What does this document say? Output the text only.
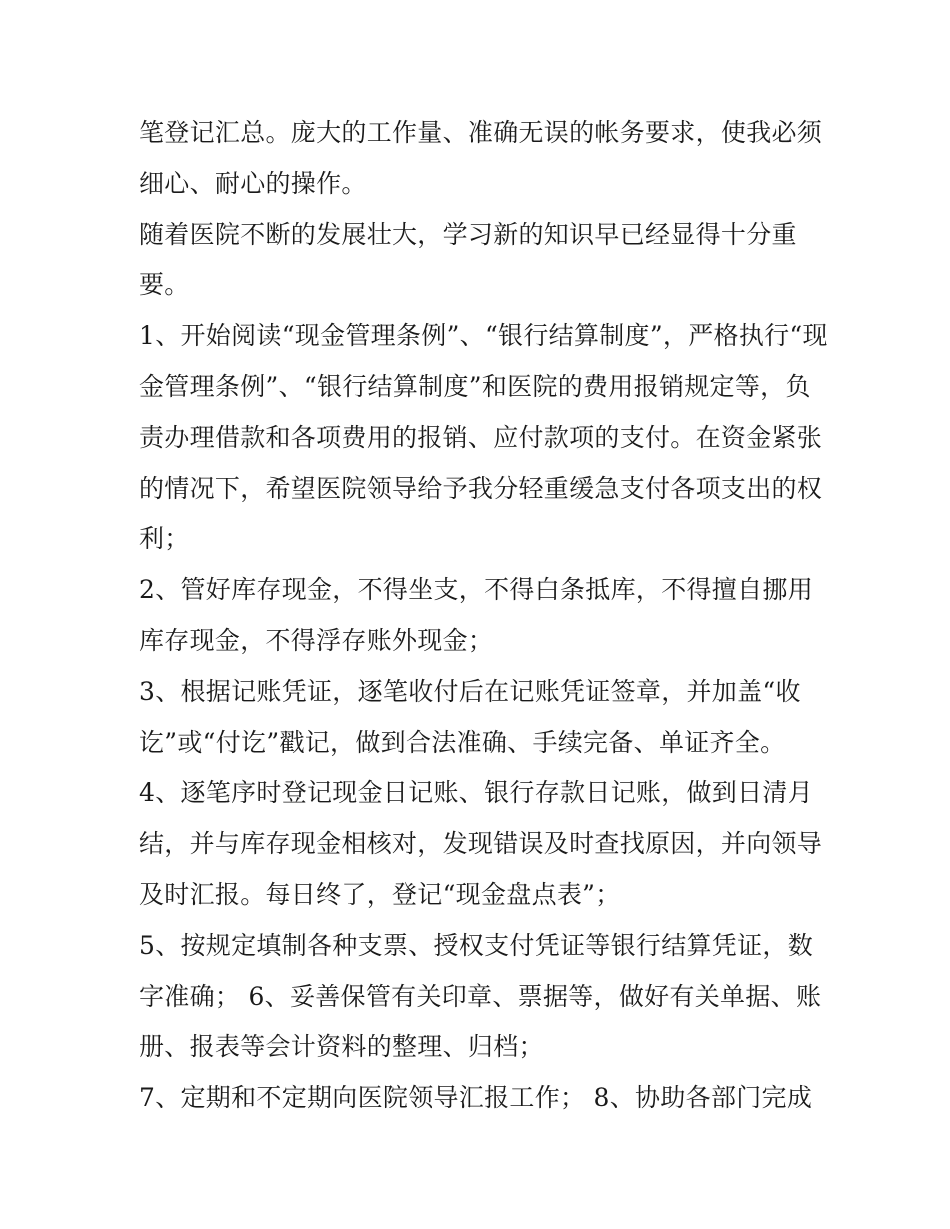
笔登记汇总。庞大的工作量、准确无误的帐务要求，使我必须
细心、耐心的操作。
随着医院不断的发展壮大，学习新的知识早已经显得十分重
要。
1、开始阅读“现金管理条例”、“银行结算制度”，严格执行“现
金管理条例”、“银行结算制度”和医院的费用报销规定等，负
责办理借款和各项费用的报销、应付款项的支付。在资金紧张
的情况下，希望医院领导给予我分轻重缓急支付各项支出的权
利；
2、管好库存现金，不得坐支，不得白条抵库，不得擅自挪用
库存现金，不得浮存账外现金；
3、根据记账凭证，逐笔收付后在记账凭证签章，并加盖“收
讫”或“付讫”戳记，做到合法准确、手续完备、单证齐全。
4、逐笔序时登记现金日记账、银行存款日记账，做到日清月
结，并与库存现金相核对，发现错误及时查找原因，并向领导
及时汇报。每日终了，登记“现金盘点表”；
5、按规定填制各种支票、授权支付凭证等银行结算凭证，数
字准确； 6、妥善保管有关印章、票据等，做好有关单据、账
册、报表等会计资料的整理、归档；
7、定期和不定期向医院领导汇报工作； 8、协助各部门完成
